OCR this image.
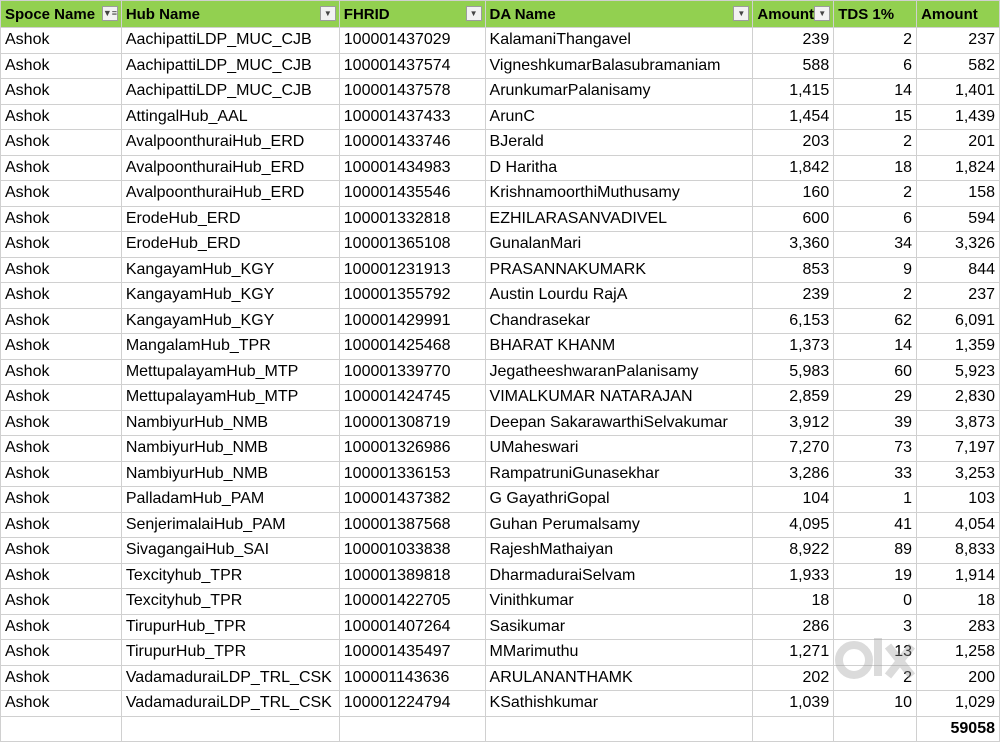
Spoce Name ▼≡	Hub Name ▼	FHRID ▼	DA Name ▼	Amount ▼	TDS 1%	Amount
Ashok	AachipattiLDP_MUC_CJB	100001437029	KalamaniThangavel	239	2	237
Ashok	AachipattiLDP_MUC_CJB	100001437574	VigneshkumarBalasubramaniam	588	6	582
Ashok	AachipattiLDP_MUC_CJB	100001437578	ArunkumarPalanisamy	1,415	14	1,401
Ashok	AttingalHub_AAL	100001437433	ArunC	1,454	15	1,439
Ashok	AvalpoonthuraiHub_ERD	100001433746	BJerald	203	2	201
Ashok	AvalpoonthuraiHub_ERD	100001434983	D Haritha	1,842	18	1,824
Ashok	AvalpoonthuraiHub_ERD	100001435546	KrishnamoorthiMuthusamy	160	2	158
Ashok	ErodeHub_ERD	100001332818	EZHILARASANVADIVEL	600	6	594
Ashok	ErodeHub_ERD	100001365108	GunalanMari	3,360	34	3,326
Ashok	KangayamHub_KGY	100001231913	PRASANNAKUMARK	853	9	844
Ashok	KangayamHub_KGY	100001355792	Austin Lourdu RajA	239	2	237
Ashok	KangayamHub_KGY	100001429991	Chandrasekar	6,153	62	6,091
Ashok	MangalamHub_TPR	100001425468	BHARAT KHANM	1,373	14	1,359
Ashok	MettupalayamHub_MTP	100001339770	JegatheeshwaranPalanisamy	5,983	60	5,923
Ashok	MettupalayamHub_MTP	100001424745	VIMALKUMAR NATARAJAN	2,859	29	2,830
Ashok	NambiyurHub_NMB	100001308719	Deepan SakarawarthiSelvakumar	3,912	39	3,873
Ashok	NambiyurHub_NMB	100001326986	UMaheswari	7,270	73	7,197
Ashok	NambiyurHub_NMB	100001336153	RampatruniGunasekhar	3,286	33	3,253
Ashok	PalladamHub_PAM	100001437382	G GayathriGopal	104	1	103
Ashok	SenjerimalaiHub_PAM	100001387568	Guhan Perumalsamy	4,095	41	4,054
Ashok	SivagangaiHub_SAI	100001033838	RajeshMathaiyan	8,922	89	8,833
Ashok	Texcityhub_TPR	100001389818	DharmaduraiSelvam	1,933	19	1,914
Ashok	Texcityhub_TPR	100001422705	Vinithkumar	18	0	18
Ashok	TirupurHub_TPR	100001407264	Sasikumar	286	3	283
Ashok	TirupurHub_TPR	100001435497	MMarimuthu	1,271	13	1,258
Ashok	VadamaduraiLDP_TRL_CSK	100001143636	ARULANANTHAMK	202	2	200
Ashok	VadamaduraiLDP_TRL_CSK	100001224794	KSathishkumar	1,039	10	1,029
						59058
